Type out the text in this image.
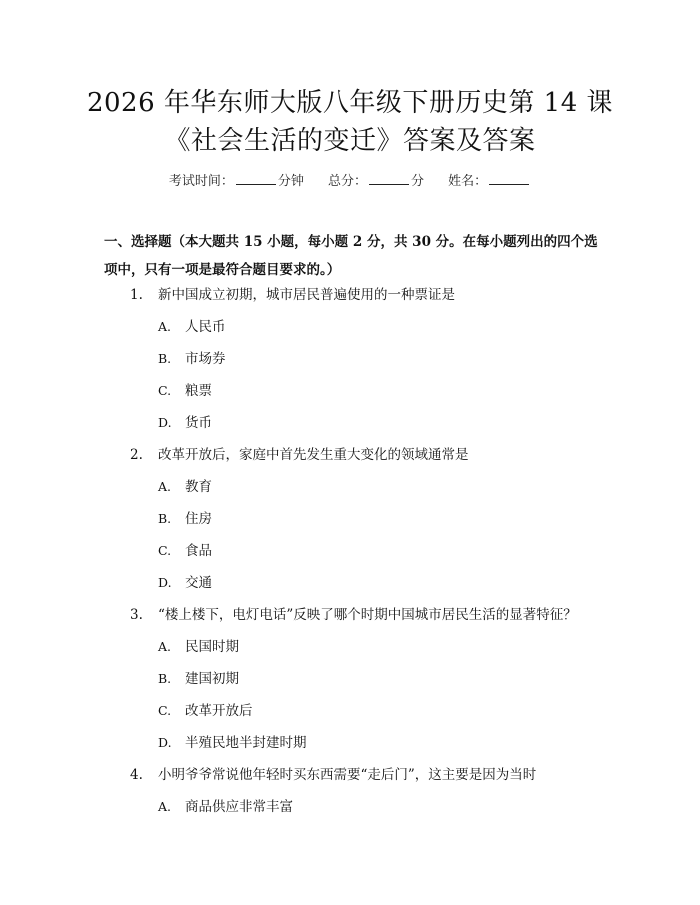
2026 年华东师大版八年级下册历史第 14 课
《社会生活的变迁》答案及答案
考试时间：	分钟 总分：	分 姓名：
一、选择题（本大题共 15 小题，每小题 2 分，共 30 分。在每小题列出的四个选
项中，只有一项是最符合题目要求的。）
1. 新中国成立初期，城市居民普遍使用的一种票证是
A. 人民币
B. 市场券
C. 粮票
D. 货币
2. 改革开放后，家庭中首先发生重大变化的领域通常是
A. 教育
B. 住房
C. 食品
D. 交通
3. “楼上楼下，电灯电话”反映了哪个时期中国城市居民生活的显著特征？
A. 民国时期
B. 建国初期
C. 改革开放后
D. 半殖民地半封建时期
4. 小明爷爷常说他年轻时买东西需要“走后门”，这主要是因为当时
A. 商品供应非常丰富
